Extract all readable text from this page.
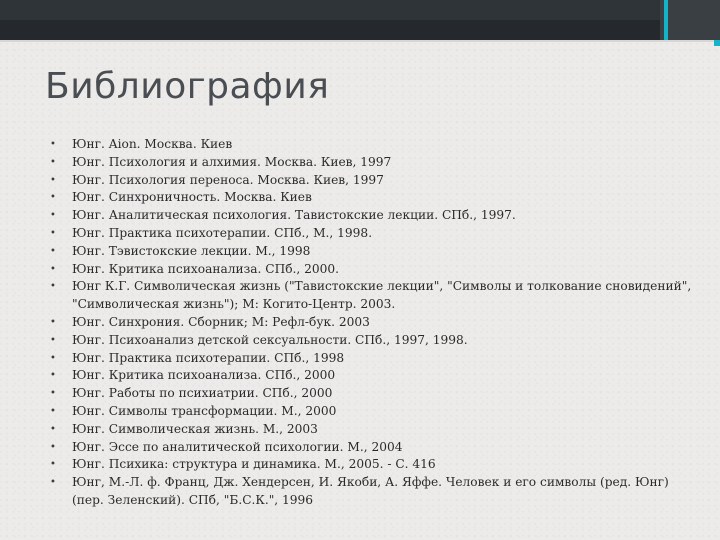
Библиография
• Юнг. Aion. Москва. Киев
• Юнг. Психология и алхимия. Москва. Киев, 1997
• Юнг. Психология переноса. Москва. Киев, 1997
• Юнг. Синхроничность. Москва. Киев
• Юнг. Аналитическая психология. Тавистокские лекции. СПб., 1997.
• Юнг. Практика психотерапии. СПб., М., 1998.
• Юнг. Тэвистокские лекции. М., 1998
• Юнг. Критика психоанализа. СПб., 2000.
• Юнг К.Г. Символическая жизнь ("Тавистокские лекции", "Символы и толкование сновидений", "Символическая жизнь"); М: Когито-Центр. 2003.
• Юнг. Синхрония. Сборник; М: Рефл-бук. 2003
• Юнг. Психоанализ детской сексуальности. СПб., 1997, 1998.
• Юнг. Практика психотерапии. СПб., 1998
• Юнг. Критика психоанализа. СПб., 2000
• Юнг. Работы по психиатрии. СПб., 2000
• Юнг. Символы трансформации. М., 2000
• Юнг. Символическая жизнь. М., 2003
• Юнг. Эссе по аналитической психологии. М., 2004
• Юнг. Психика: структура и динамика. М., 2005. - С. 416
• Юнг, М.-Л. ф. Франц, Дж. Хендерсен, И. Якоби, А. Яффе. Человек и его символы (ред. Юнг) (пер. Зеленский). СПб, "Б.С.К.", 1996
